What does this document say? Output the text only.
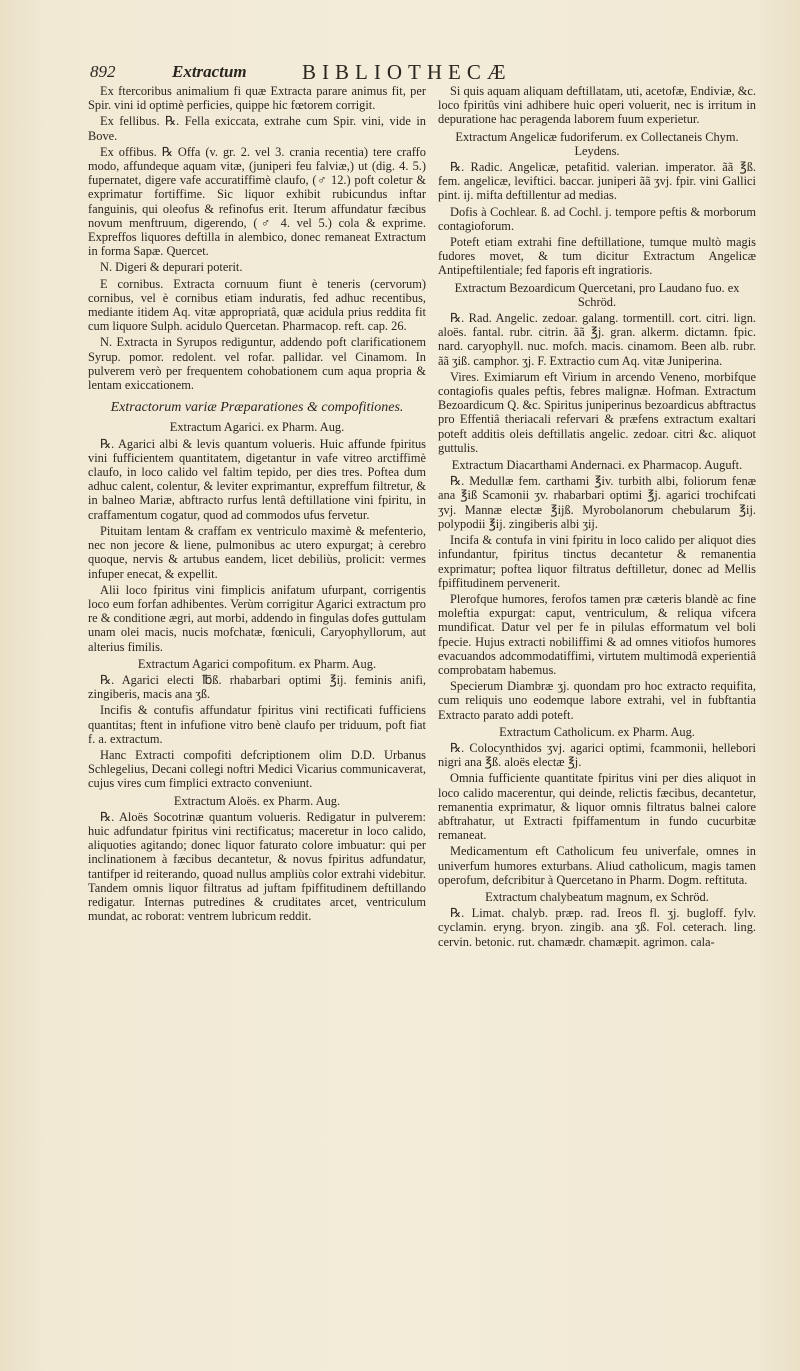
892	Extractum	BIBLIOTHECÆ

Ex ftercoribus animalium fi quæ Extracta parare animus fit, per Spir. vini id optimè perficies, quippe hic fœtorem corrigit.

Ex fellibus. ℞. Fella exiccata, extrahe cum Spir. vini, vide in Bove.

Ex offibus. ℞ Offa (v. gr. 2. vel 3. crania recentia) tere craffo modo, affundeque aquam vitæ, (juniperi feu falviæ,) ut (dig. 4. 5.) fupernatet, digere vafe accuratiffimè claufo, (♂ 12.) poft coletur & exprimatur fortiffime. Sic liquor exhibit rubicundus inftar fanguinis, qui oleofus & refinofus erit. Iterum affundatur fæcibus novum menftruum, digerendo, (♂ 4. vel 5.) cola & exprime. Expreffos liquores deftilla in alembico, donec remaneat Extractum in forma Sapæ. Quercet.

N. Digeri & depurari poterit.

E cornibus. Extracta cornuum fiunt è teneris (cervorum) cornibus, vel è cornibus etiam induratis, fed adhuc recentibus, mediante itidem Aq. vitæ appropriatâ, quæ acidula prius reddita fit cum liquore Sulph. acidulo Quercetan. Pharmacop. reft. cap. 26.

N. Extracta in Syrupos rediguntur, addendo poft clarificationem Syrup. pomor. redolent. vel rofar. pallidar. vel Cinamom. In pulverem verò per frequentem cohobationem cum aqua propria & lentam exiccationem.

Extractorum variæ Præparationes & compofitiones.

Extractum Agarici. ex Pharm. Aug.

℞. Agarici albi & levis quantum volueris. Huic affunde fpiritus vini fufficientem quantitatem, digetantur in vafe vitreo arctiffimè claufo, in loco calido vel faltim tepido, per dies tres. Poftea dum adhuc calent, colentur, & leviter exprimantur, expreffum filtretur, & in balneo Mariæ, abftracto rurfus lentâ deftillatione vini fpiritu, in craffamentum cogatur, quod ad commodos ufus fervetur.

Pituitam lentam & craffam ex ventriculo maximè & mefenterio, nec non jecore & liene, pulmonibus ac utero expurgat; à cerebro quoque, nervis & artubus eandem, licet debiliùs, prolicit: vermes infuper enecat, & expellit.

Alii loco fpiritus vini fimplicis anifatum ufurpant, corrigentis loco eum forfan adhibentes. Verùm corrigitur Agarici extractum pro re & conditione ægri, aut morbi, addendo in fingulas dofes guttulam unam olei macis, nucis mofchatæ, fœniculi, Caryophyllorum, aut alterius fimilis.

Extractum Agarici compofitum. ex Pharm. Aug.

℞. Agarici electi ℔ß. rhabarbari optimi ℥ij. feminis anifi, zingiberis, macis ana ʒß.

Incifis & contufis affundatur fpiritus vini rectificati fufficiens quantitas; ftent in infufione vitro benè claufo per triduum, poft fiat f. a. extractum.

Hanc Extracti compofiti defcriptionem olim D.D. Urbanus Schlegelius, Decani collegi noftri Medici Vicarius communicaverat, cujus vires cum fimplici extracto conveniunt.

Extractum Aloës. ex Pharm. Aug.

℞. Aloës Socotrinæ quantum volueris. Redigatur in pulverem: huic adfundatur fpiritus vini rectificatus; maceretur in loco calido, aliquoties agitando; donec liquor faturato colore imbuatur: qui per inclinationem à fæcibus decantetur, & novus fpiritus adfundatur, tantifper id reiterando, quoad nullus ampliùs color extrahi videbitur. Tandem omnis liquor filtratus ad juftam fpiffitudinem deftillando redigatur. Internas putredines & cruditates arcet, ventriculum mundat, ac roborat: ventrem lubricum reddit.

Si quis aquam aliquam deftillatam, uti, acetofæ, Endiviæ, &c. loco fpiritûs vini adhibere huic operi voluerit, nec is irritum in depuratione hac peragenda laborem fuum experietur.

Extractum Angelicæ fudoriferum. ex Collectaneis Chym. Leydens.

℞. Radic. Angelicæ, petafitid. valerian. imperator. ãã ℥ß. fem. angelicæ, leviftici. baccar. juniperi ãã ʒvj. fpir. vini Gallici pint. ij. mifta deftillentur ad medias.

Dofis à Cochlear. ß. ad Cochl. j. tempore peftis & morborum contagioforum.

Poteft etiam extrahi fine deftillatione, tumque multò magis fudores movet, & tum dicitur Extractum Angelicæ Antipeftilentiale; fed faporis eft ingratioris.

Extractum Bezoardicum Quercetani, pro Laudano fuo. ex Schröd.

℞. Rad. Angelic. zedoar. galang. tormentill. cort. citri. lign. aloës. fantal. rubr. citrin. ãã ℥j. gran. alkerm. dictamn. fpic. nard. caryophyll. nuc. mofch. macis. cinamom. Been alb. rubr. ãã ʒiß. camphor. ʒj. F. Extractio cum Aq. vitæ Juniperina.

Vires. Eximiarum eft Virium in arcendo Veneno, morbifque contagiofis quales peftis, febres malignæ. Hofman. Extractum Bezoardicum Q. &c. Spiritus juniperinus bezoardicus abftractus pro Effentiâ theriacali refervari & præfens extractum exaltari poteft additis oleis deftillatis angelic. zedoar. citri &c. aliquot guttulis.

Extractum Diacarthami Andernaci. ex Pharmacop. Auguft.

℞. Medullæ fem. carthami ℥iv. turbith albi, foliorum fenæ ana ℥iß Scamonii ʒv. rhabarbari optimi ℥j. agarici trochifcati ʒvj. Mannæ electæ ℥ijß. Myrobolanorum chebularum ℥ij. polypodii ℥ij. zingiberis albi ʒij.

Incifa & contufa in vini fpiritu in loco calido per aliquot dies infundantur, fpiritus tinctus decantetur & remanentia exprimatur; poftea liquor filtratus deftilletur, donec ad Mellis fpiffitudinem pervenerit.

Plerofque humores, ferofos tamen præ cæteris blandè ac fine moleftia expurgat: caput, ventriculum, & reliqua vifcera mundificat. Datur vel per fe in pilulas efformatum vel boli fpecie. Hujus extracti nobiliffimi & ad omnes vitiofos humores evacuandos adcommodatiffimi, virtutem multimodâ experientiâ comprobatam habemus.

Specierum Diambræ ʒj. quondam pro hoc extracto requifita, cum reliquis uno eodemque labore extrahi, vel in fubftantia Extracto parato addi poteft.

Extractum Catholicum. ex Pharm. Aug.

℞. Colocynthidos ʒvj. agarici optimi, fcammonii, hellebori nigri ana ℥ß. aloës electæ ℥j.

Omnia fufficiente quantitate fpiritus vini per dies aliquot in loco calido macerentur, qui deinde, relictis fæcibus, decantetur, remanentia exprimatur, & liquor omnis filtratus balnei calore abftrahatur, ut Extracti fpiffamentum in fundo cucurbitæ remaneat.

Medicamentum eft Catholicum feu univerfale, omnes in univerfum humores exturbans. Aliud catholicum, magis tamen operofum, defcribitur à Quercetano in Pharm. Dogm. reftituta.

Extractum chalybeatum magnum, ex Schröd.

℞. Limat. chalyb. præp. rad. Ireos fl. ʒj. bugloff. fylv. cyclamin. eryng. bryon. zingib. ana ʒß. Fol. ceterach. ling. cervin. betonic. rut. chamædr. chamæpit. agrimon. cala-
